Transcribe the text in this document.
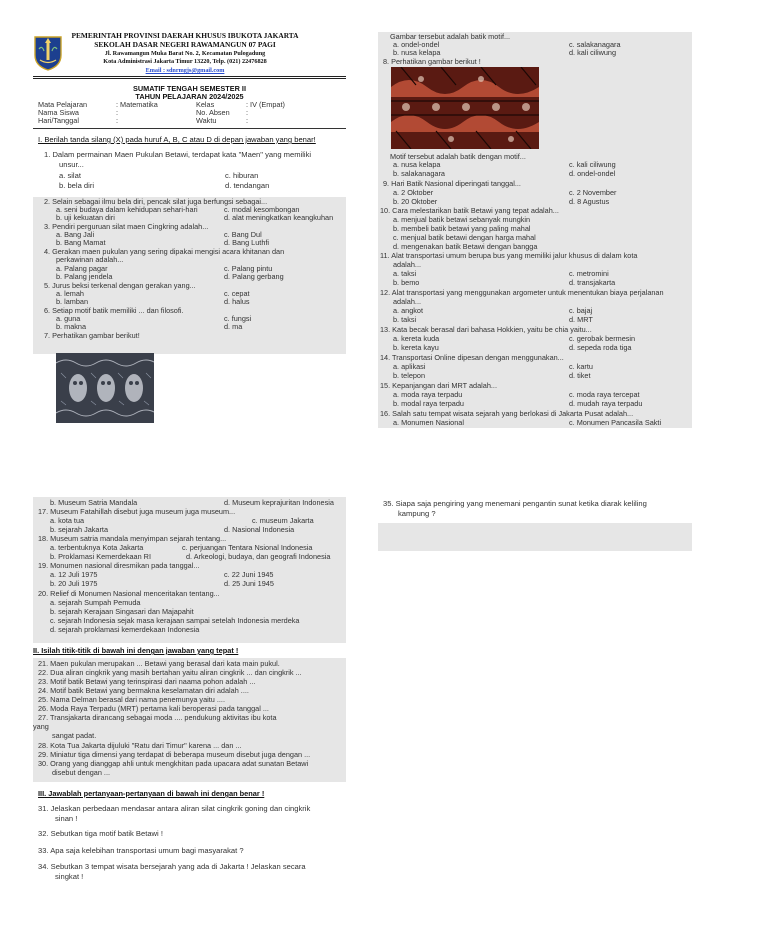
PEMERINTAH PROVINSI DAERAH KHUSUS IBUKOTA JAKARTA
SEKOLAH DASAR NEGERI RAWAMANGUN 07 PAGI
Jl. Rawamangun Muka Barat No. 2, Kecamatan Pulogadung
Kota Administrasi Jakarta Timur 13220, Telp. (021) 22476828
Email : sdnrmgjs@gmail.com
SUMATIF TENGAH SEMESTER II
TAHUN PELAJARAN 2024/2025
Mata Pelajaran	: Matematika	Kelas	: IV (Empat)
Nama Siswa	:	No. Absen :
Hari/Tanggal	:	Waktu	:
I. Berilah tanda silang (X) pada huruf A, B, C atau D di depan jawaban yang benar!
1. Dalam permainan Maen Pukulan Betawi, terdapat kata "Maen" yang memiliki
unsur...
a. silat	c. hiburan
b. bela diri	d. tendangan
2. Selain sebagai ilmu bela diri, pencak silat juga berfungsi sebagai...
a. seni budaya dalam kehidupan sehari-hari	c. modal kesombongan
b. uji kekuatan diri	d. alat meningkatkan keangkuhan
3. Pendiri perguruan silat maen Cingkring adalah...
a. Bang Jali	c. Bang Dul
b. Bang Mamat	d. Bang Luthfi
4. Gerakan maen pukulan yang sering dipakai mengisi acara khitanan dan
perkawinan adalah...
a. Palang pagar	c. Palang pintu
b. Palang jendela	d. Palang gerbang
5. Jurus beksi terkenal dengan gerakan yang...
a. lemah	c. cepat
b. lamban	d. halus
6. Setiap motif batik memiliki ... dan filosofi.
a. guna	c. fungsi
b. makna	d. ma
7. Perhatikan gambar berikut!
b. Museum Satria Mandala	d. Museum keprajuritan Indonesia
17. Museum Fatahillah disebut juga museum juga museum...
a. kota tua	c. museum Jakarta
b. sejarah Jakarta	d. Nasional Indonesia
18. Museum satria mandala menyimpan sejarah tentang...
a. terbentuknya Kota Jakarta	c. perjuangan Tentara Nsional Indonesia
b. Proklamasi Kemerdekaan RI	d. Arkeologi, budaya, dan geografi Indonesia
19. Monumen nasional diresmikan pada tanggal...
a. 12 Juli 1975	c. 22 Juni 1945
b. 20 Juli 1975	d. 25 Juni 1945
20. Relief di Monumen Nasional menceritakan tentang...
a. sejarah Sumpah Pemuda
b. sejarah Kerajaan Singasari dan Majapahit
c. sejarah Indonesia sejak masa kerajaan sampai setelah Indonesia merdeka
d. sejarah proklamasi kemerdekaan Indonesia
II. Isilah titik-titik di bawah ini dengan jawaban yang tepat !
21. Maen pukulan merupakan ... Betawi yang berasal dari kata main pukul.
22. Dua aliran cingkrik yang masih bertahan yaitu aliran cingkrik ... dan cingkrik ...
23. Motif batik Betawi yang terinspirasi dari naama pohon adalah ...
24. Motif batik Betawi yang bermakna keselamatan diri adalah ....
25. Nama Delman berasal dari nama penemunya yaitu ....
26. Moda Raya Terpadu (MRT) pertama kali beroperasi pada tanggal ...
27. Transjakarta dirancang sebagai moda .... pendukung aktivitas ibu kota
yang
sangat padat.
28. Kota Tua Jakarta dijuluki "Ratu dari Timur" karena ... dan ...
29. Miniatur tiga dimensi yang terdapat di beberapa museum disebut juga dengan ...
30. Orang yang dianggap ahli untuk mengkhitan pada upacara adat sunatan Betawi
disebut dengan ...
III. Jawablah pertanyaan-pertanyaan di bawah ini dengan benar !
31. Jelaskan perbedaan mendasar antara aliran silat cingkrik goning dan cingkrik
sinan !
32. Sebutkan tiga motif batik Betawi !
33. Apa saja kelebihan transportasi umum bagi masyarakat ?
34. Sebutkan 3 tempat wisata bersejarah yang ada di Jakarta ! Jelaskan secara
singkat !
Gambar tersebut adalah batik motif...
a. ondel-ondel	c. salakanagara
b. nusa kelapa	d. kali ciliwung
8. Perhatikan gambar berikut !
Motif tersebut adalah batik dengan motif...
a. nusa kelapa	c. kali ciliwung
b. salakanagara	d. ondel-ondel
9. Hari Batik Nasional diperingati tanggal...
a. 2 Oktober	c. 2 November
b. 20 Oktober	d. 8 Agustus
10. Cara melestarikan batik Betawi yang tepat adalah...
a. menjual batik betawi sebanyak mungkin
b. membeli batik betawi yang paling mahal
c. menjual batik betawi dengan harga mahal
d. mengenakan batik Betawi dengan bangga
11. Alat transportasi umum berupa bus yang memiliki jalur khusus di dalam kota
adalah...
a. taksi	c. metromini
b. bemo	d. transjakarta
12. Alat transportasi yang menggunakan argometer untuk menentukan biaya perjalanan
adalah...
a. angkot	c. bajaj
b. taksi	d. MRT
13. Kata becak berasal dari bahasa Hokkien, yaitu be chia yaitu...
a. kereta kuda	c. gerobak bermesin
b. kereta kayu	d. sepeda roda tiga
14. Transportasi Online dipesan dengan menggunakan...
a. aplikasi	c. kartu
b. telepon	d. tiket
15. Kepanjangan dari MRT adalah...
a. moda raya terpadu	c. moda raya tercepat
b. modal raya terpadu	d. mudah raya terpadu
16. Salah satu tempat wisata sejarah yang berlokasi di Jakarta Pusat adalah...
a. Monumen Nasional	c. Monumen Pancasila Sakti
35. Siapa saja pengiring yang menemani pengantin sunat ketika diarak keliling
kampung ?
